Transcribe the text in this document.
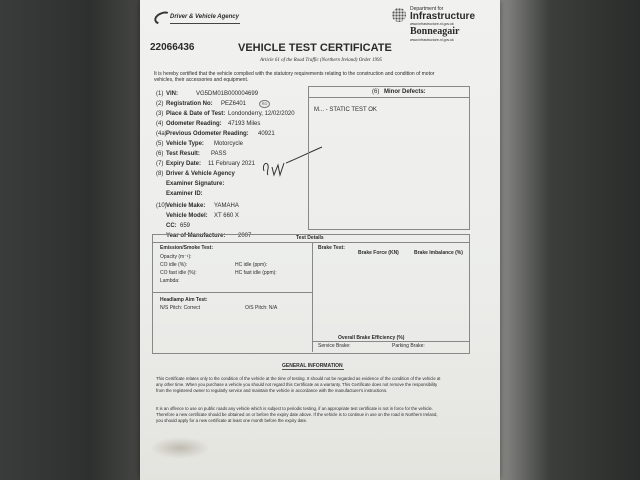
Driver & Vehicle Agency
Department for
Infrastructure
www.infrastructure-ni.gov.uk
Bonneagair
www.infrastructure-ni.gov.uk
22066436	VEHICLE TEST CERTIFICATE
Article 61 of the Road Traffic (Northern Ireland) Order 1995
It is hereby certified that the vehicle complied with the statutory requirements relating to the construction and condition of motor
vehicles, their accessories and equipment.
(1) VIN:	VG5DM01B000004699
(2) Registration No: PEZ6401
(3) Place & Date of Test: Londonderry, 12/02/2020
(4) Odometer Reading: 47193 Miles
(4a) Previous Odometer Reading: 40921
(5) Vehicle Type: Motorcycle
(6) Test Result: PASS
(7) Expiry Date: 11 February 2021
(8) Driver & Vehicle Agency
Examiner Signature:
Examiner ID:
(10) Vehicle Make: YAMAHA
Vehicle Model: XT 660 X
CC: 659
Year of Manufacture: 2007
RD
(6) Minor Defects:
M... - STATIC TEST OK
Test Details
Emission/Smoke Test:
Opacity (m⁻¹):
CO idle (%):	HC idle (ppm):
CO fast idle (%):	HC fast idle (ppm):
Lambda:
Headlamp Aim Test:
N/S Pitch: Correct	O/S Pitch: N/A
Brake Test:
Brake Force (KN)	Brake Imbalance (%)
Overall Brake Efficiency (%)
Service Brake:	Parking Brake:
GENERAL INFORMATION
This Certificate relates only to the condition of the vehicle at the time of testing. It should not be regarded as evidence of the condition of the vehicle at
any other time. When you purchase a vehicle you should not regard this Certificate as a warranty. This Certificate does not remove the responsibility
from the registered owner to regularly service and maintain the vehicle in accordance with the manufacturer's instructions.
It is an offence to use on public roads any vehicle which is subject to periodic testing, if an appropriate test certificate is not in force for the vehicle.
Therefore a new certificate should be obtained on or before the expiry date above. If the vehicle is to continue in use on the road in Northern Ireland,
you should apply for a new certificate at least one month before the expiry date.
